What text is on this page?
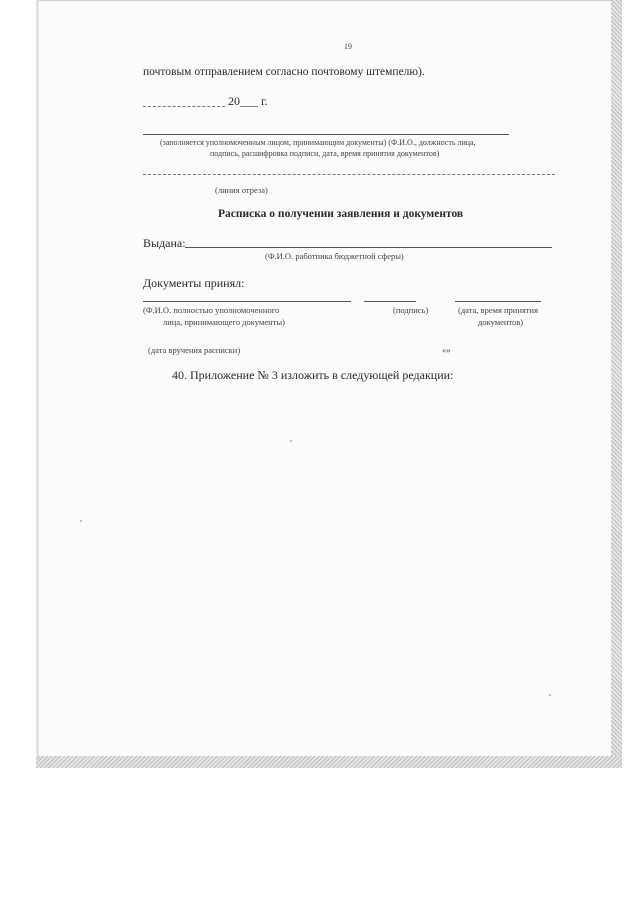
19
почтовым отправлением согласно почтовому штемпелю).
20___ г.
(заполняется уполномоченным лицом, принимающим документы) (Ф.И.О., должность лица,
подпись, расшифровка подписи, дата, время принятия документов)
(линия отреза)
Расписка о получении заявления и документов
Выдана:
(Ф.И.О. работника бюджетной сферы)
Документы принял:
(Ф.И.О. полностью уполномоченного
лица, принимающего документы)
(подпись)	(дата, время принятия
документов)
(дата вручения расписки)	«»
40. Приложение № 3 изложить в следующей редакции:
